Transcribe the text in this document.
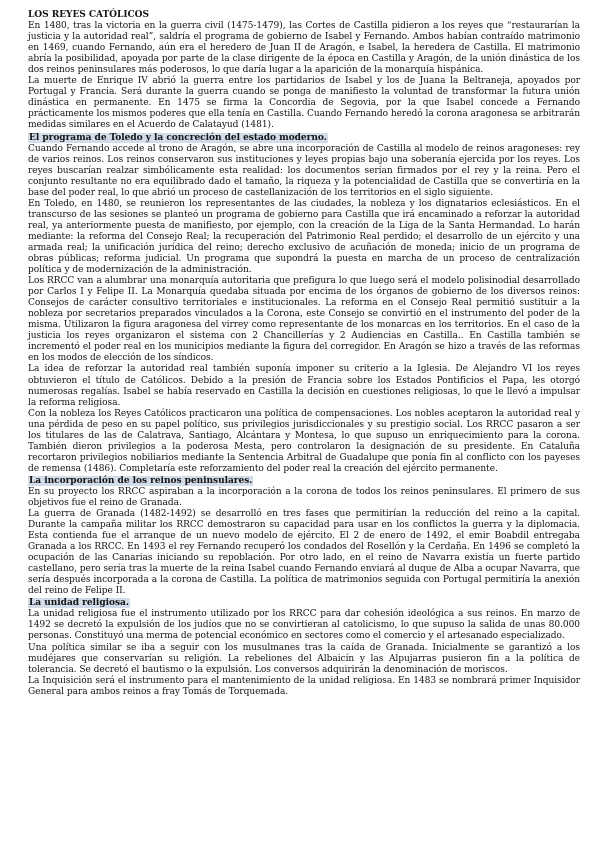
LOS REYES CATÓLICOS

En 1480, tras la victoria en la guerra civil (1475-1479), las Cortes de Castilla pidieron a los reyes que “restaurarían la justicia y la autoridad real”, saldría el programa de gobierno de Isabel y Fernando. Ambos habían contraído matrimonio en 1469, cuando Fernando, aún era el heredero de Juan II de Aragón, e Isabel, la heredera de Castilla. El matrimonio abría la posibilidad, apoyada por parte de la clase dirigente de la época en Castilla y Aragón, de la unión dinástica de los dos reinos peninsulares más poderosos, lo que daría lugar a la aparición de la monarquía hispánica.

La muerte de Enrique IV abrió la guerra entre los partidarios de Isabel y los de Juana la Beltraneja, apoyados por Portugal y Francia. Será durante la guerra cuando se ponga de manifiesto la voluntad de transformar la futura unión dinástica en permanente. En 1475 se firma la Concordia de Segovia, por la que Isabel concede a Fernando prácticamente los mismos poderes que ella tenía en Castilla. Cuando Fernando heredó la corona aragonesa se arbitrarán medidas similares en el Acuerdo de Calatayud (1481).

El programa de Toledo y la concreción del estado moderno.

Cuando Fernando accede al trono de Aragón, se abre una incorporación de Castilla al modelo de reinos aragoneses: rey de varios reinos. Los reinos conservaron sus instituciones y leyes propias bajo una soberanía ejercida por los reyes. Los reyes buscarían realzar simbólicamente esta realidad: los documentos serían firmados por el rey y la reina. Pero el conjunto resultante no era equilibrado dado el tamaño, la riqueza y la potencialidad de Castilla que se convertiría en la base del poder real, lo que abrió un proceso de castellanización de los territorios en el siglo siguiente.

En Toledo, en 1480, se reunieron los representantes de las ciudades, la nobleza y los dignatarios eclesiásticos. En el transcurso de las sesiones se planteó un programa de gobierno para Castilla que irá encaminado a reforzar la autoridad real, ya anteriormente puesta de manifiesto, por ejemplo, con la creación de la Liga de la Santa Hermandad. Lo harán mediante: la reforma del Consejo Real; la recuperación del Patrimonio Real perdido; el desarrollo de un ejército y una armada real; la unificación jurídica del reino; derecho exclusivo de acuñación de moneda; inicio de un programa de obras públicas; reforma judicial. Un programa que supondrá la puesta en marcha de un proceso de centralización política y de modernización de la administración.

Los RRCC van a alumbrar una monarquía autoritaria que prefigura lo que luego será el modelo polisinodial desarrollado por Carlos I y Felipe II. La Monarquía quedaba situada por encima de los órganos de gobierno de los diversos reinos: Consejos de carácter consultivo territoriales e institucionales. La reforma en el Consejo Real permitió sustituir a la nobleza por secretarios preparados vinculados a la Corona, este Consejo se convirtió en el instrumento del poder de la misma. Utilizaron la figura aragonesa del virrey como representante de los monarcas en los territorios. En el caso de la justicia los reyes organizaron el sistema con 2 Chancillerías y 2 Audiencias en Castilla.. En Castilla también se incrementó el poder real en los municipios mediante la figura del corregidor. En Aragón se hizo a través de las reformas en los modos de elección de los síndicos.

La idea de reforzar la autoridad real también suponía imponer su criterio a la Iglesia. De Alejandro VI los reyes obtuvieron el título de Católicos. Debido a la presión de Francia sobre los Estados Pontificios el Papa, les otorgó numerosas regalías. Isabel se había reservado en Castilla la decisión en cuestiones religiosas, lo que le llevó a impulsar la reforma religiosa.

Con la nobleza los Reyes Católicos practicaron una política de compensaciones. Los nobles aceptaron la autoridad real y una pérdida de peso en su papel político, sus privilegios jurisdiccionales y su prestigio social. Los RRCC pasaron a ser los titulares de las de Calatrava, Santiago, Alcántara y Montesa, lo que supuso un enriquecimiento para la corona. También dieron privilegios a la poderosa Mesta, pero controlaron la designación de su presidente. En Cataluña recortaron privilegios nobiliarios mediante la Sentencia Arbitral de Guadalupe que ponía fin al conflicto con los payeses de remensa (1486). Completaría este reforzamiento del poder real la creación del ejército permanente.

La incorporación de los reinos peninsulares.

En su proyecto los RRCC aspiraban a la incorporación a la corona de todos los reinos peninsulares. El primero de sus objetivos fue el reino de Granada.

La guerra de Granada (1482-1492) se desarrolló en tres fases que permitirían la reducción del reino a la capital. Durante la campaña militar los RRCC demostraron su capacidad para usar en los conflictos la guerra y la diplomacia. Esta contienda fue el arranque de un nuevo modelo de ejército. El 2 de enero de 1492, el emir Boabdil entregaba Granada a los RRCC. En 1493 el rey Fernando recuperó los condados del Rosellón y la Cerdaña. En 1496 se completó la ocupación de las Canarias iniciando su repoblación. Por otro lado, en el reino de Navarra existía un fuerte partido castellano, pero sería tras la muerte de la reina Isabel cuando Fernando enviará al duque de Alba a ocupar Navarra, que sería después incorporada a la corona de Castilla. La política de matrimonios seguida con Portugal permitiría la anexión del reino de Felipe II.

La unidad religiosa.

La unidad religiosa fue el instrumento utilizado por los RRCC para dar cohesión ideológica a sus reinos. En marzo de 1492 se decretó la expulsión de los judíos que no se convirtieran al catolicismo, lo que supuso la salida de unas 80.000 personas. Constituyó una merma de potencial económico en sectores como el comercio y el artesanado especializado.

Una política similar se iba a seguir con los musulmanes tras la caída de Granada. Inicialmente se garantizó a los mudéjares que conservarían su religión. La rebeliones del Albaicín y las Alpujarras pusieron fin a la política de tolerancia. Se decretó el bautismo o la expulsión. Los conversos adquirirán la denominación de moriscos.

La Inquisición será el instrumento para el mantenimiento de la unidad religiosa. En 1483 se nombrará primer Inquisidor General para ambos reinos a fray Tomás de Torquemada.
